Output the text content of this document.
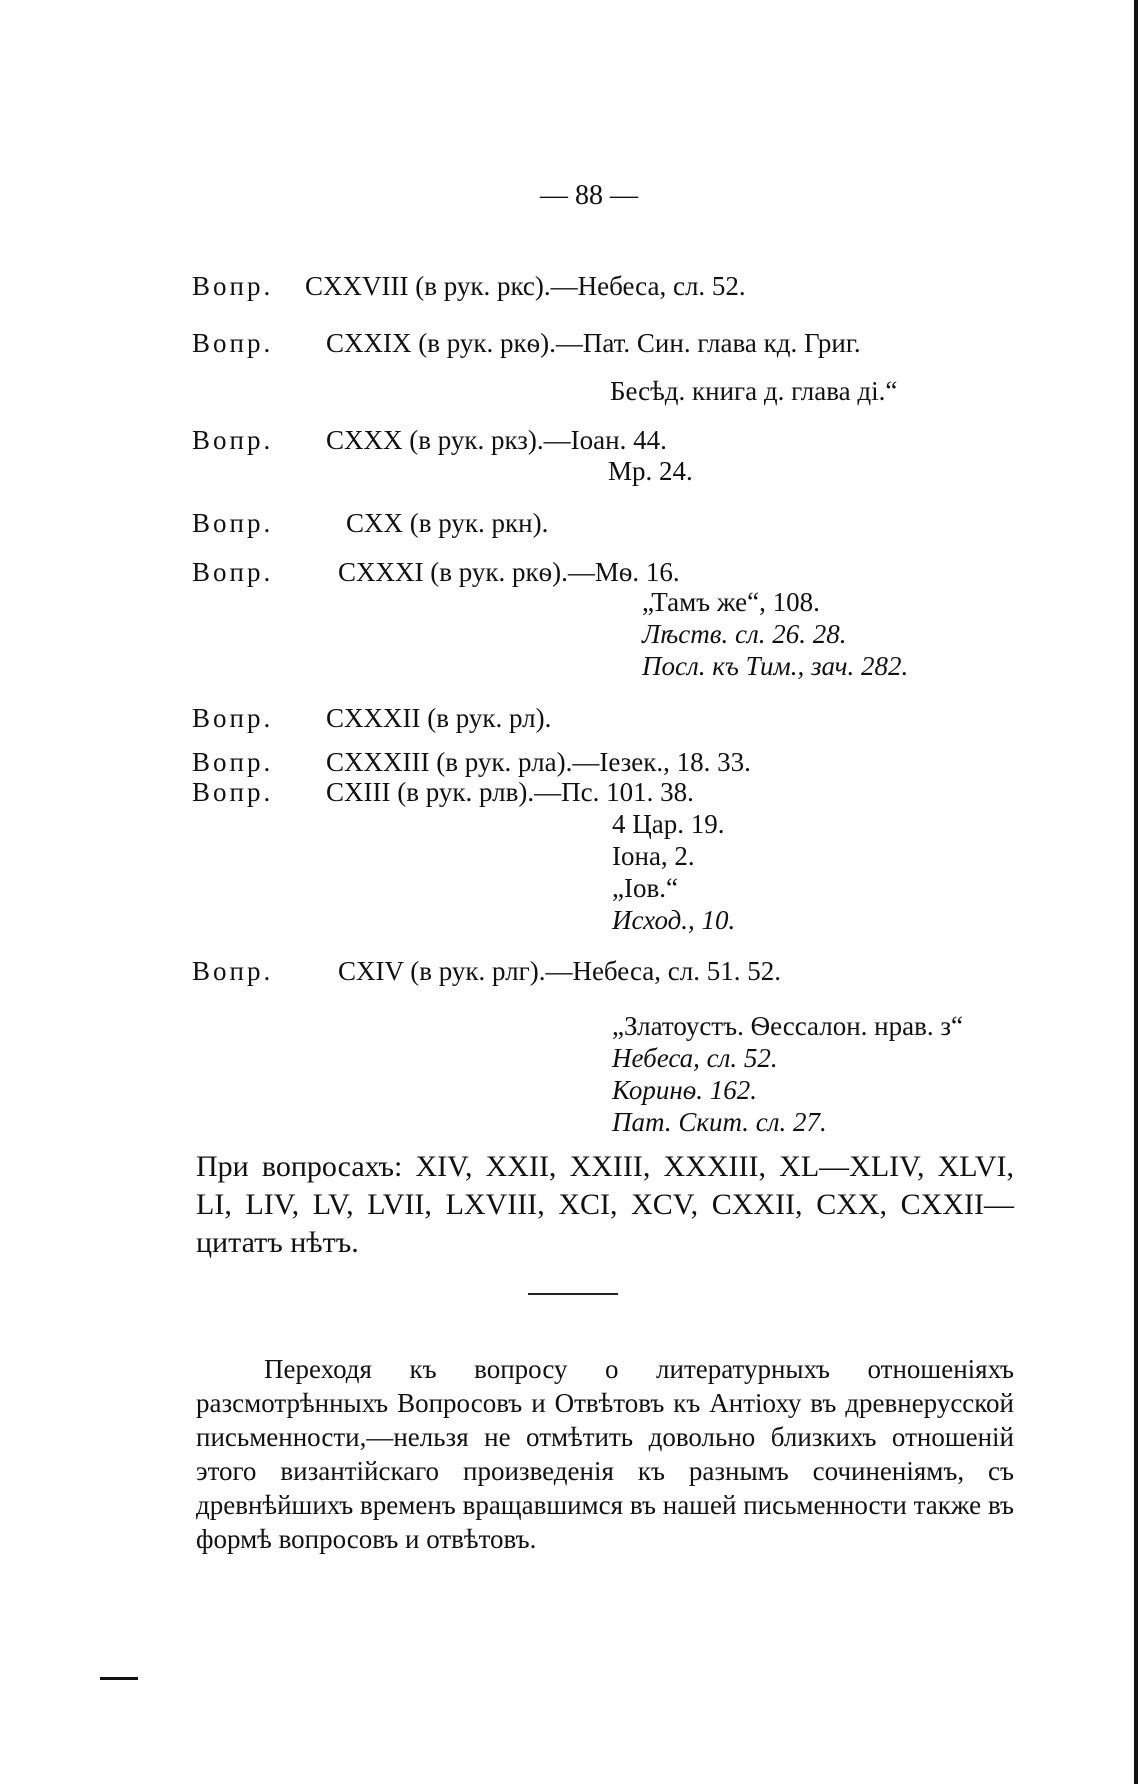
— 88 —
Вопр. CXXVIII (в рук. ркс).—Небеса, сл. 52.
Вопр. CXXIX (в рук. ркѳ).—Пат. Син. глава кд. Григ.
Бесѣд. книга д. глава ді.“
Вопр. CXXX (в рук. ркз).—Іоан. 44.
Мр. 24.
Вопр.	CXX (в рук. ркн).
Вопр. CXXXI (в рук. ркѳ).—Мѳ. 16.
„Тамъ же“, 108.
Лѣств. сл. 26. 28.
Посл. къ Тим., зач. 282.
Вопр. CXXXII (в рук. рл).
Вопр. CXXXIII (в рук. рла).—Іезек., 18. 33.
Вопр. CXIII (в рук. рлв).—Пс. 101. 38.
4 Цар. 19.
Іона, 2.
„Іов.“
Исход., 10.
Вопр. CXIV (в рук. рлг).—Небеса, сл. 51. 52.
„Златоустъ. Ѳессалон. нрав. з“
Небеса, сл. 52.
Коринѳ. 162.
Пат. Скит. сл. 27.
При вопросахъ: XIV, XXII, XXIII, XXXIII, XL—XLIV, XLVI, LI, LIV, LV, LVII, LXVIII, XCI, XCV, CXXII, CXX, CXXII—цитатъ нѣтъ.
Переходя къ вопросу о литературныхъ отношеніяхъ разсмотрѣнныхъ Вопросовъ и Отвѣтовъ къ Антіоху въ древнерусской письменности,—нельзя не отмѣтить довольно близкихъ отношеній этого византійскаго произведенія къ разнымъ сочиненіямъ, съ древнѣйшихъ временъ вращавшимся въ нашей письменности также въ формѣ вопросовъ и отвѣтовъ.
